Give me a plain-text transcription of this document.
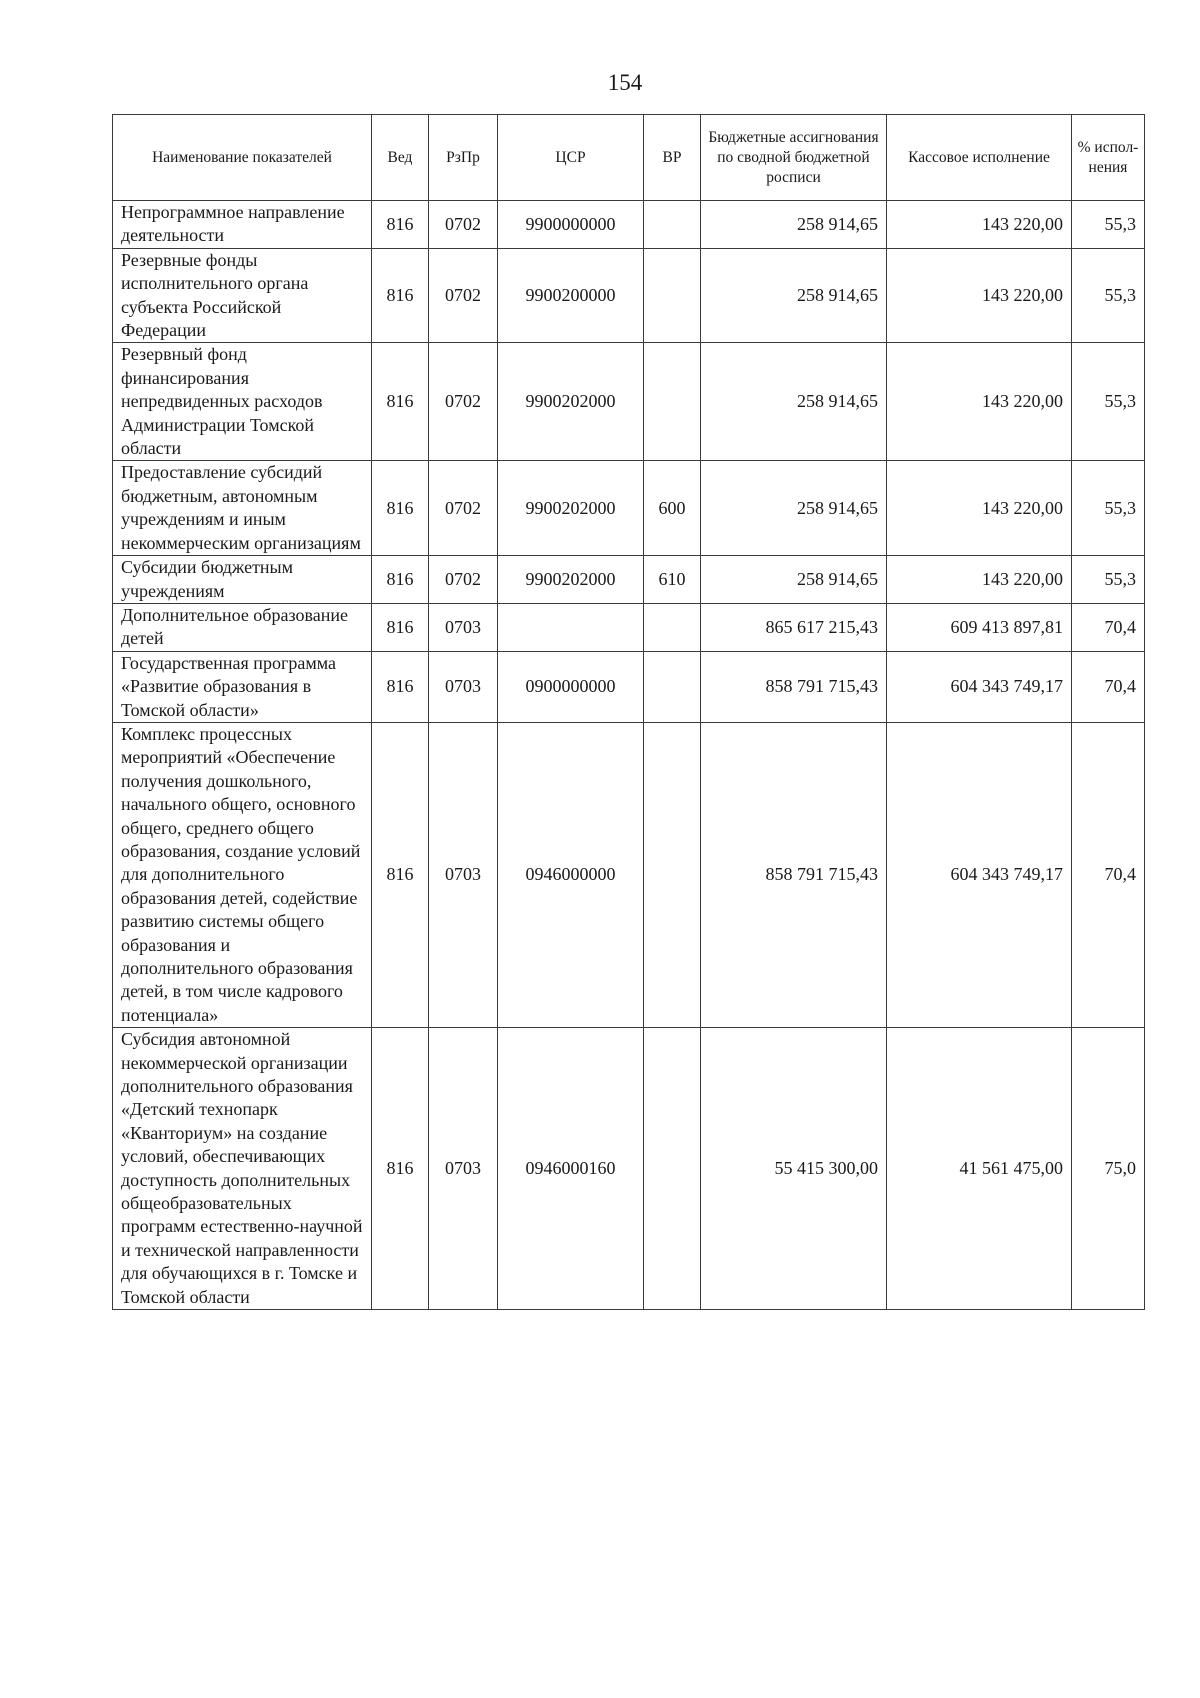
154
Наименование показателей	Вед	РзПр	ЦСР	ВР	Бюджетные ассигнования по сводной бюджетной росписи	Кассовое исполнение	% испол-нения
Непрограммное направление деятельности	816	0702	9900000000		258 914,65	143 220,00	55,3
Резервные фонды исполнительного органа субъекта Российской Федерации	816	0702	9900200000		258 914,65	143 220,00	55,3
Резервный фонд финансирования непредвиденных расходов Администрации Томской области	816	0702	9900202000		258 914,65	143 220,00	55,3
Предоставление субсидий бюджетным, автономным учреждениям и иным некоммерческим организациям	816	0702	9900202000	600	258 914,65	143 220,00	55,3
Субсидии бюджетным учреждениям	816	0702	9900202000	610	258 914,65	143 220,00	55,3
Дополнительное образование детей	816	0703			865 617 215,43	609 413 897,81	70,4
Государственная программа «Развитие образования в Томской области»	816	0703	0900000000		858 791 715,43	604 343 749,17	70,4
Комплекс процессных мероприятий «Обеспечение получения дошкольного, начального общего, основного общего, среднего общего образования, создание условий для дополнительного образования детей, содействие развитию системы общего образования и дополнительного образования детей, в том числе кадрового потенциала»	816	0703	0946000000		858 791 715,43	604 343 749,17	70,4
Субсидия автономной некоммерческой организации дополнительного образования «Детский технопарк «Кванториум» на создание условий, обеспечивающих доступность дополнительных общеобразовательных программ естественно-научной и технической направленности для обучающихся в г. Томске и Томской области	816	0703	0946000160		55 415 300,00	41 561 475,00	75,0
